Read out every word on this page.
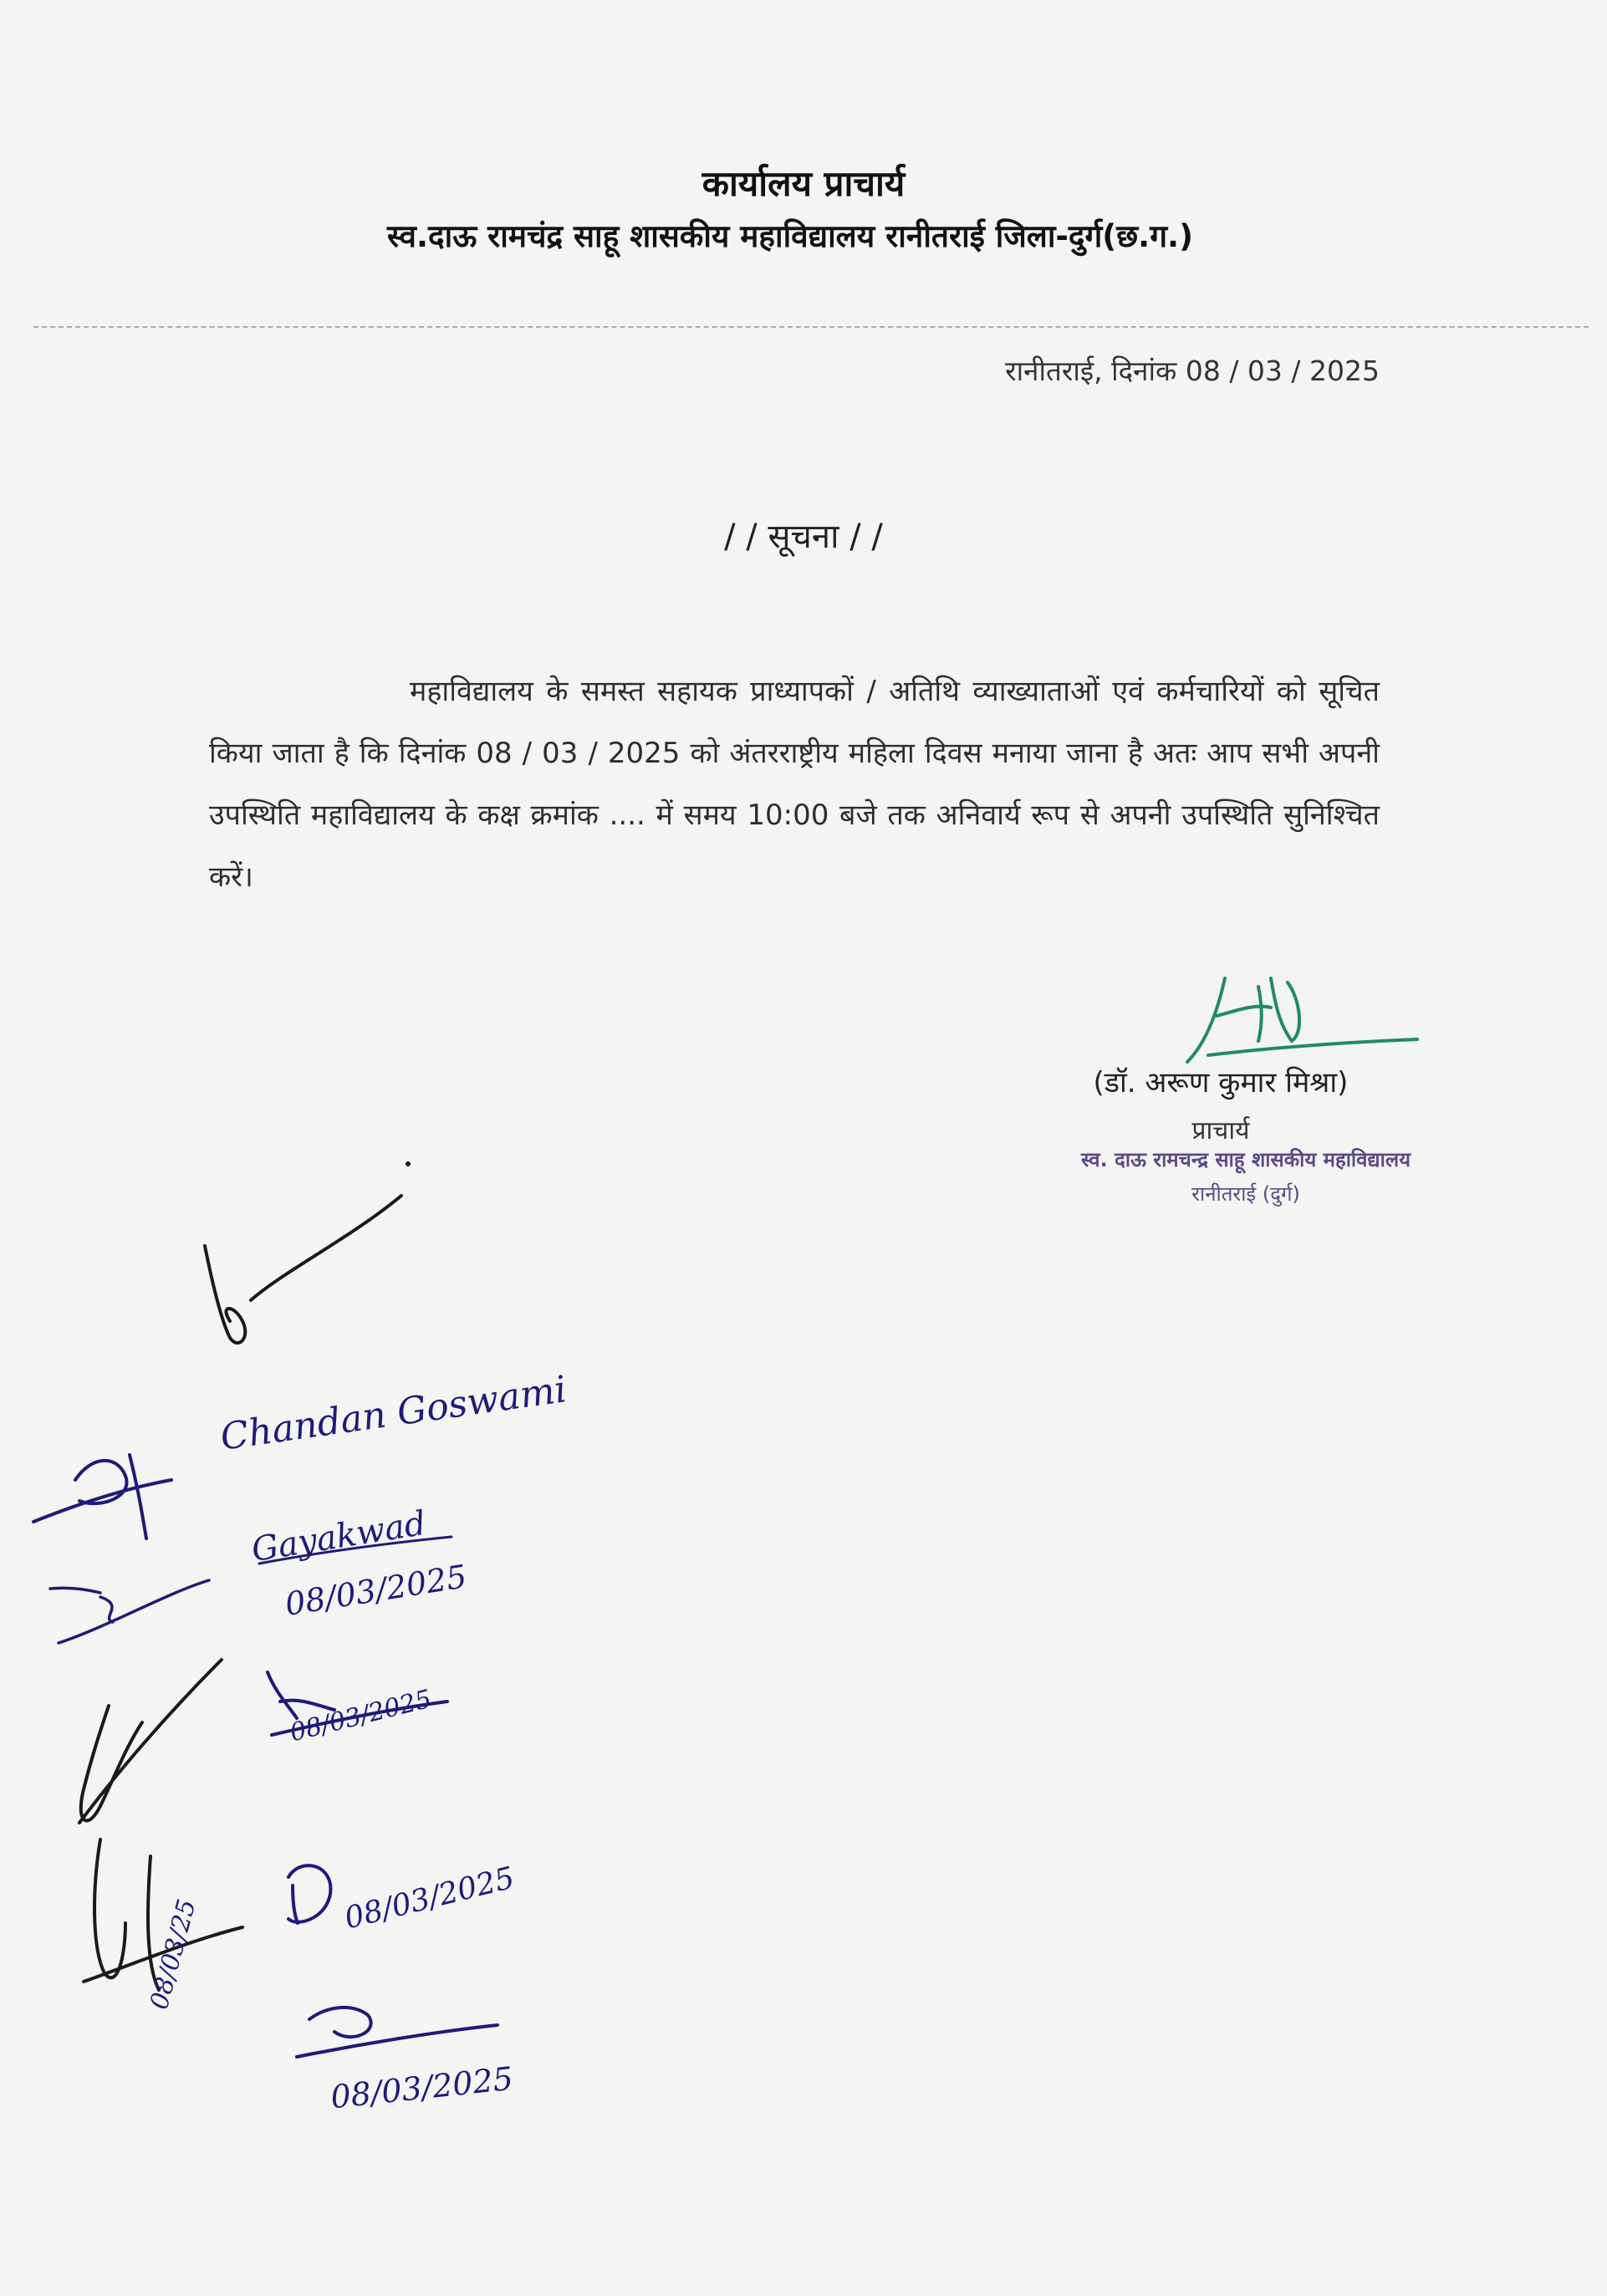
कार्यालय प्राचार्य
स्व.दाऊ रामचंद्र साहू शासकीय महाविद्यालय रानीतराई जिला-दुर्ग(छ.ग.)
रानीतराई, दिनांक 08 / 03 / 2025
/ / सूचना / /
महाविद्यालय के समस्त सहायक प्राध्यापकों / अतिथि व्याख्याताओं एवं कर्मचारियों को सूचित किया जाता है कि दिनांक 08 / 03 / 2025 को अंतरराष्ट्रीय महिला दिवस मनाया जाना है अतः आप सभी अपनी उपस्थिति महाविद्यालय के कक्ष क्रमांक .... में समय 10:00 बजे तक अनिवार्य रूप से अपनी उपस्थिति सुनिश्चित करें।
(डॉ. अरूण कुमार मिश्रा)
प्राचार्य
स्व. दाऊ रामचन्द्र साहू शासकीय महाविद्यालय
रानीतराई (दुर्ग)
Chandan Goswami
Gayakwad
08/03/2025
08/03/2025
08/03/25	08/03/2025
08/03/2025
